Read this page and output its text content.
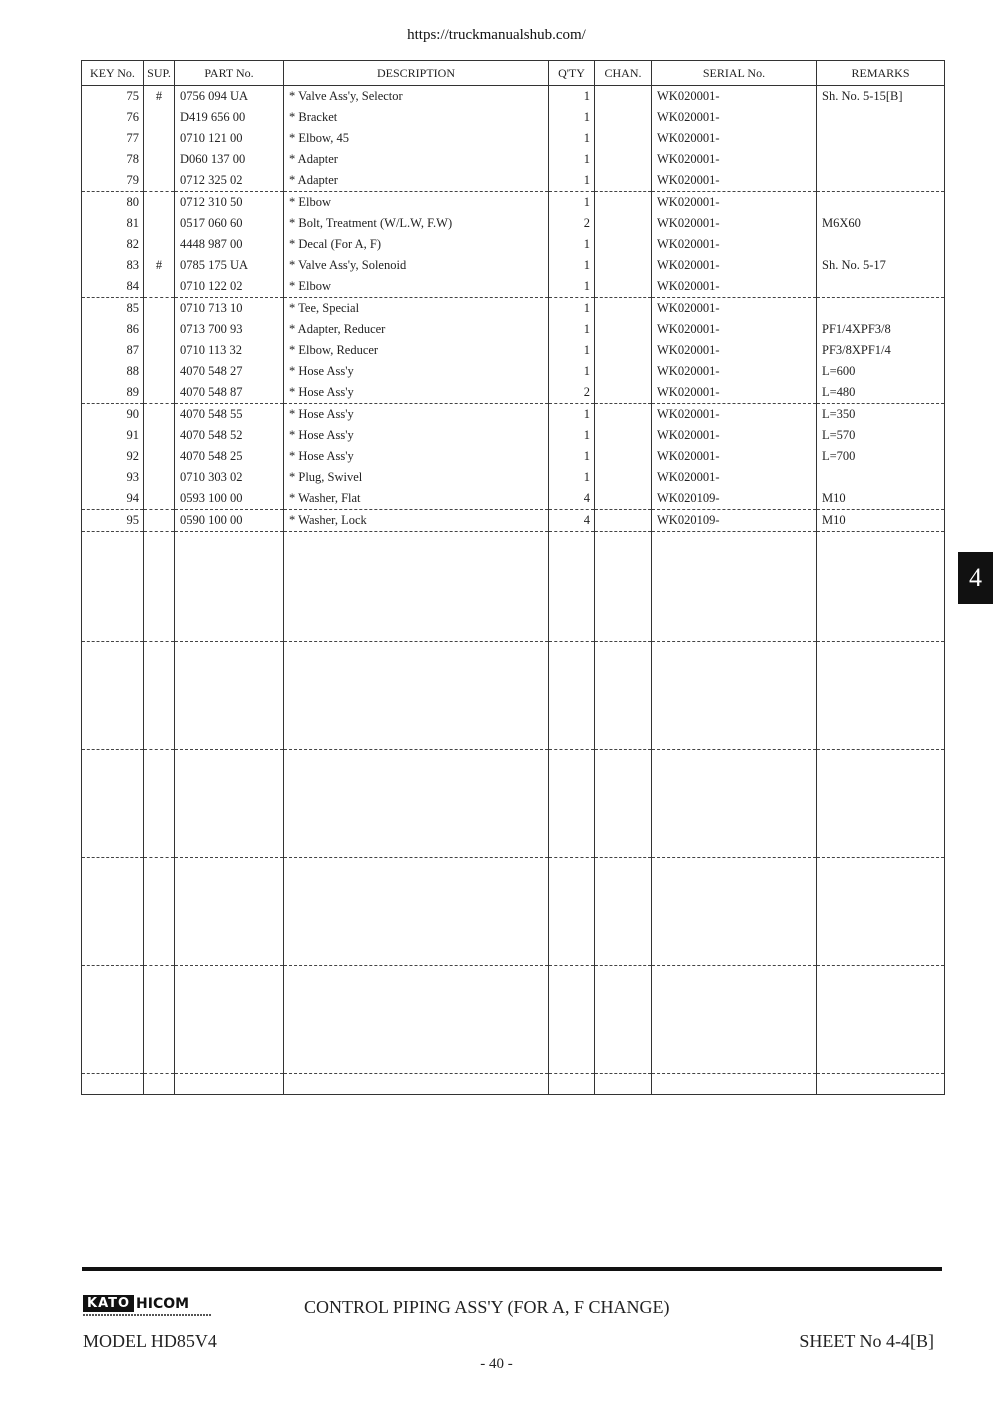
https://truckmanualshub.com/
KEY No.	SUP.	PART No.	DESCRIPTION	Q'TY	CHAN.	SERIAL No.	REMARKS
75	#	0756 094 UA	* Valve Ass'y, Selector	1		WK020001-	Sh. No. 5-15[B]
76		D419 656 00	* Bracket	1		WK020001-	
77		0710 121 00	* Elbow, 45	1		WK020001-	
78		D060 137 00	* Adapter	1		WK020001-	
79		0712 325 02	* Adapter	1		WK020001-	
80		0712 310 50	* Elbow	1		WK020001-	
81		0517 060 60	* Bolt, Treatment (W/L.W, F.W)	2		WK020001-	M6X60
82		4448 987 00	* Decal (For A, F)	1		WK020001-	
83	#	0785 175 UA	* Valve Ass'y, Solenoid	1		WK020001-	Sh. No. 5-17
84		0710 122 02	* Elbow	1		WK020001-	
85		0710 713 10	* Tee, Special	1		WK020001-	
86		0713 700 93	* Adapter, Reducer	1		WK020001-	PF1/4XPF3/8
87		0710 113 32	* Elbow, Reducer	1		WK020001-	PF3/8XPF1/4
88		4070 548 27	* Hose Ass'y	1		WK020001-	L=600
89		4070 548 87	* Hose Ass'y	2		WK020001-	L=480
90		4070 548 55	* Hose Ass'y	1		WK020001-	L=350
91		4070 548 52	* Hose Ass'y	1		WK020001-	L=570
92		4070 548 25	* Hose Ass'y	1		WK020001-	L=700
93		0710 303 02	* Plug, Swivel	1		WK020001-	
94		0593 100 00	* Washer, Flat	4		WK020109-	M10
95		0590 100 00	* Washer, Lock	4		WK020109-	M10

4
KATO HICOM	CONTROL PIPING ASS'Y (FOR A, F CHANGE)
MODEL HD85V4	SHEET No 4-4[B]
- 40 -
